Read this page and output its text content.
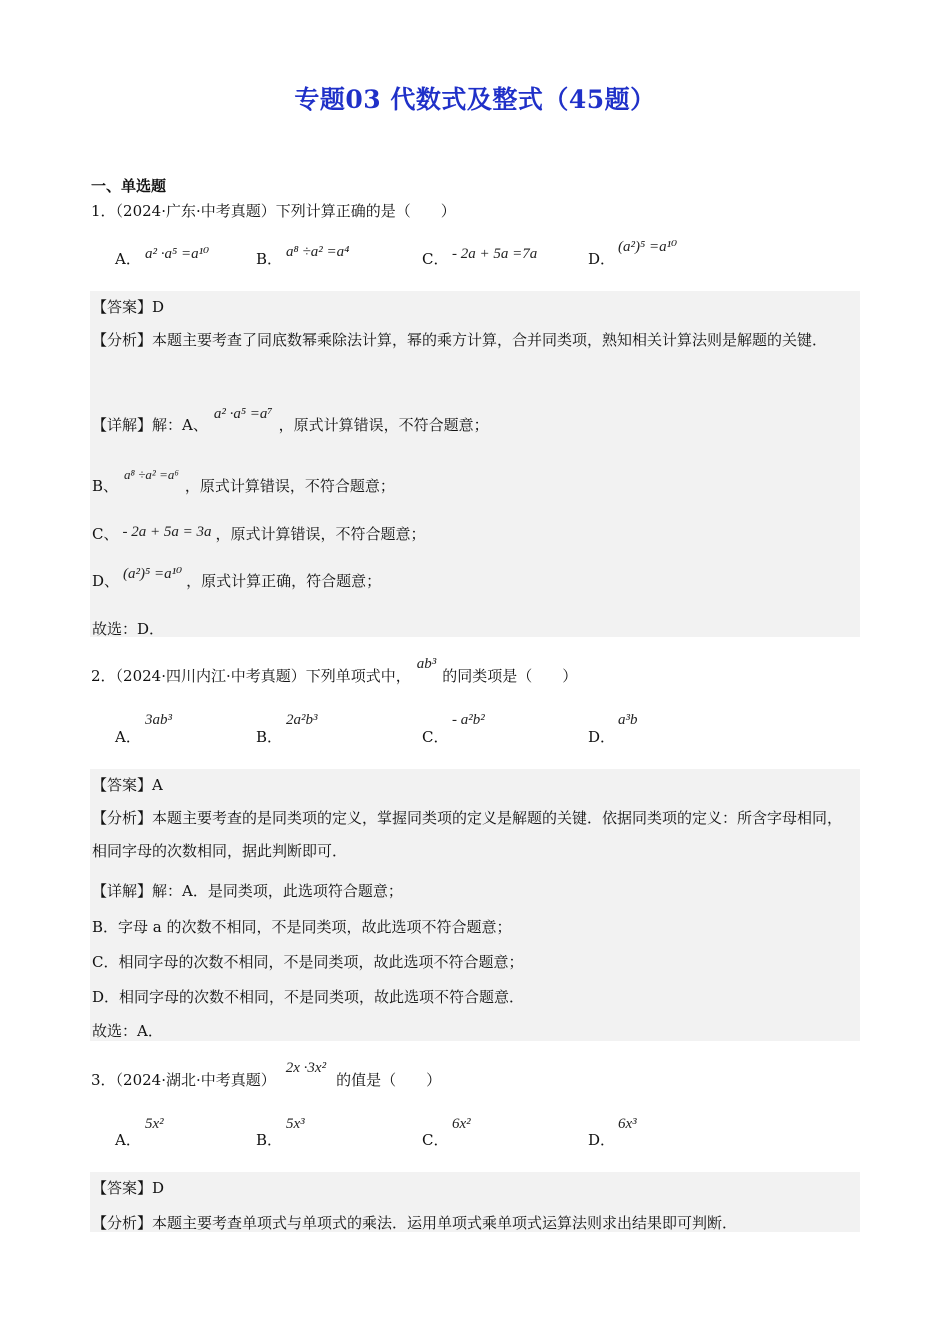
专题03 代数式及整式（45题）
一、单选题
1．（2024·广东·中考真题）下列计算正确的是（　　）
A． a² ·a⁵ =a¹⁰	B． a⁸ ÷a² =a⁴	C． - 2a + 5a =7a	D．
(a²)⁵ =a¹⁰
【答案】D
【分析】本题主要考查了同底数幂乘除法计算，幂的乘方计算，合并同类项，熟知相关计算法则是解题的关键．
【详解】解：A、a² ·a⁵ =a⁷，原式计算错误，不符合题意；
B、a⁸ ÷a² =a⁶，原式计算错误，不符合题意；
C、 - 2a + 5a = 3a ，原式计算错误，不符合题意；
D、 (a²)⁵ =a¹⁰ ，原式计算正确，符合题意；
故选：D．
2．（2024·四川内江·中考真题）下列单项式中，ab³的同类项是（　　）
A．
3ab³
B．
2a²b³
C．
- a²b²
D．
a³b
【答案】A
【分析】本题主要考查的是同类项的定义，掌握同类项的定义是解题的关键．依据同类项的定义：所含字母相同，相同字母的次数相同，据此判断即可．
【详解】解：A．是同类项，此选项符合题意；
B．字母 a 的次数不相同，不是同类项，故此选项不符合题意；
C．相同字母的次数不相同，不是同类项，故此选项不符合题意；
D．相同字母的次数不相同，不是同类项，故此选项不符合题意．
故选：A．
3．（2024·湖北·中考真题）2x ·3x²的值是（　　）
A．
5x²
B．
5x³
C．
6x²
D．
6x³
【答案】D
【分析】本题主要考查单项式与单项式的乘法．运用单项式乘单项式运算法则求出结果即可判断．
